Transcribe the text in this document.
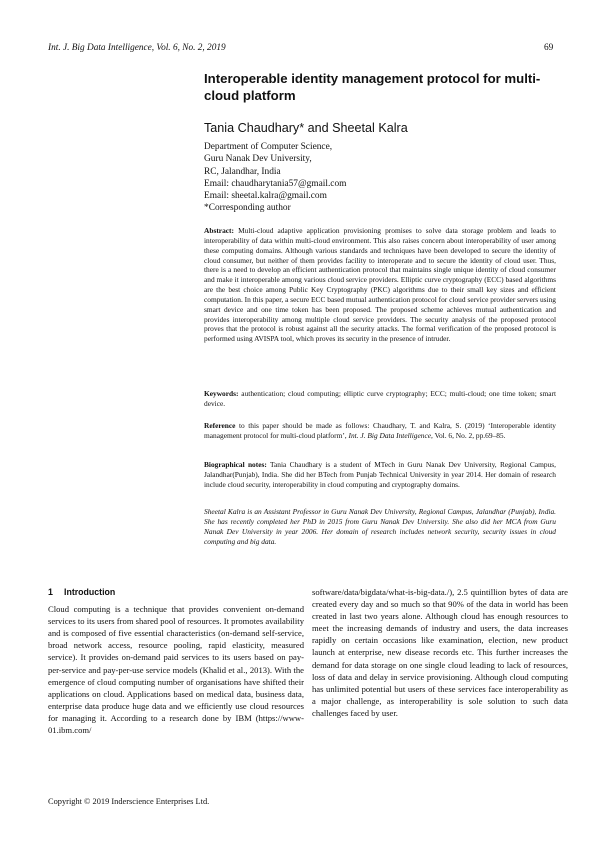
Int. J. Big Data Intelligence, Vol. 6, No. 2, 2019	69
Interoperable identity management protocol for multi-cloud platform
Tania Chaudhary* and Sheetal Kalra
Department of Computer Science,
Guru Nanak Dev University,
RC, Jalandhar, India
Email: chaudharytania57@gmail.com
Email: sheetal.kalra@gmail.com
*Corresponding author
Abstract: Multi-cloud adaptive application provisioning promises to solve data storage problem and leads to interoperability of data within multi-cloud environment. This also raises concern about interoperability of user among these computing domains. Although various standards and techniques have been developed to secure the identity of cloud consumer, but neither of them provides facility to interoperate and to secure the identity of cloud user. Thus, there is a need to develop an efficient authentication protocol that maintains single unique identity of cloud consumer and make it interoperable among various cloud service providers. Elliptic curve cryptography (ECC) based algorithms are the best choice among Public Key Cryptography (PKC) algorithms due to their small key sizes and efficient computation. In this paper, a secure ECC based mutual authentication protocol for cloud service provider servers using smart device and one time token has been proposed. The proposed scheme achieves mutual authentication and provides interoperability among multiple cloud service providers. The security analysis of the proposed protocol proves that the protocol is robust against all the security attacks. The formal verification of the proposed protocol is performed using AVISPA tool, which proves its security in the presence of intruder.
Keywords: authentication; cloud computing; elliptic curve cryptography; ECC; multi-cloud; one time token; smart device.
Reference to this paper should be made as follows: Chaudhary, T. and Kalra, S. (2019) ‘Interoperable identity management protocol for multi-cloud platform’, Int. J. Big Data Intelligence, Vol. 6, No. 2, pp.69–85.
Biographical notes: Tania Chaudhary is a student of MTech in Guru Nanak Dev University, Regional Campus, Jalandhar(Punjab), India. She did her BTech from Punjab Technical University in year 2014. Her domain of research include cloud security, interoperability in cloud computing and cryptography domains.
Sheetal Kalra is an Assistant Professor in Guru Nanak Dev University, Regional Campus, Jalandhar (Punjab), India. She has recently completed her PhD in 2015 from Guru Nanak Dev University. She also did her MCA from Guru Nanak Dev University in year 2006. Her domain of research includes network security, security issues in cloud computing and big data.
1 Introduction
Cloud computing is a technique that provides convenient on-demand services to its users from shared pool of resources. It promotes availability and is composed of five essential characteristics (on-demand self-service, broad network access, resource pooling, rapid elasticity, measured service). It provides on-demand paid services to its users based on pay-per-service and pay-per-use service models (Khalid et al., 2013). With the emergence of cloud computing number of organisations have shifted their applications on cloud. Applications based on medical data, business data, enterprise data produce huge data and we efficiently use cloud resources for managing it. According to a research done by IBM (https://www-01.ibm.com/
software/data/bigdata/what-is-big-data./), 2.5 quintillion bytes of data are created every day and so much so that 90% of the data in world has been created in last two years alone. Although cloud has enough resources to meet the increasing demands of industry and users, the data increases rapidly on certain occasions like examination, election, new product launch at enterprise, new disease records etc. This further increases the demand for data storage on one single cloud leading to lack of resources, loss of data and delay in service provisioning. Although cloud computing has unlimited potential but users of these services face interoperability as a major challenge, as interoperability is sole solution to such data challenges faced by user.
Copyright © 2019 Inderscience Enterprises Ltd.
